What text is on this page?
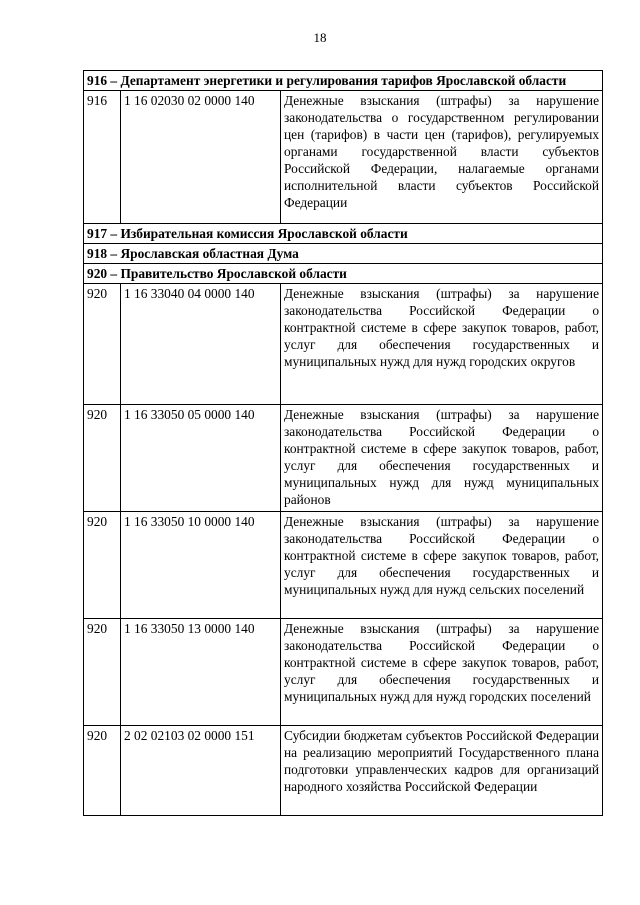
18
916 – Департамент энергетики и регулирования тарифов Ярославской области		

916	1 16 02030 02 0000 140	Денежные взыскания (штрафы) за нарушение законодательства о государственном регулировании цен (тарифов) в части цен (тарифов), регулируемых органами государственной власти субъектов Российской Федерации, налагаемые органами исполнительной власти субъектов Российской Федерации
917 – Избирательная комиссия Ярославской области		
918 – Ярославская областная Дума		
920 – Правительство Ярославской области		
920	1 16 33040 04 0000 140	Денежные взыскания (штрафы) за нарушение законодательства Российской Федерации о контрактной системе в сфере закупок товаров, работ, услуг для обеспечения государственных и муниципальных нужд для нужд городских округов
920	1 16 33050 05 0000 140	Денежные взыскания (штрафы) за нарушение законодательства Российской Федерации о контрактной системе в сфере закупок товаров, работ, услуг для обеспечения государственных и муниципальных нужд для нужд муниципальных районов
920	1 16 33050 10 0000 140	Денежные взыскания (штрафы) за нарушение законодательства Российской Федерации о контрактной системе в сфере закупок товаров, работ, услуг для обеспечения государственных и муниципальных нужд для нужд сельских поселений
920	1 16 33050 13 0000 140	Денежные взыскания (штрафы) за нарушение законодательства Российской Федерации о контрактной системе в сфере закупок товаров, работ, услуг для обеспечения государственных и муниципальных нужд для нужд городских поселений
920	2 02 02103 02 0000 151	Субсидии бюджетам субъектов Российской Федерации на реализацию мероприятий Государственного плана подготовки управленческих кадров для организаций народного хозяйства Российской Федерации
